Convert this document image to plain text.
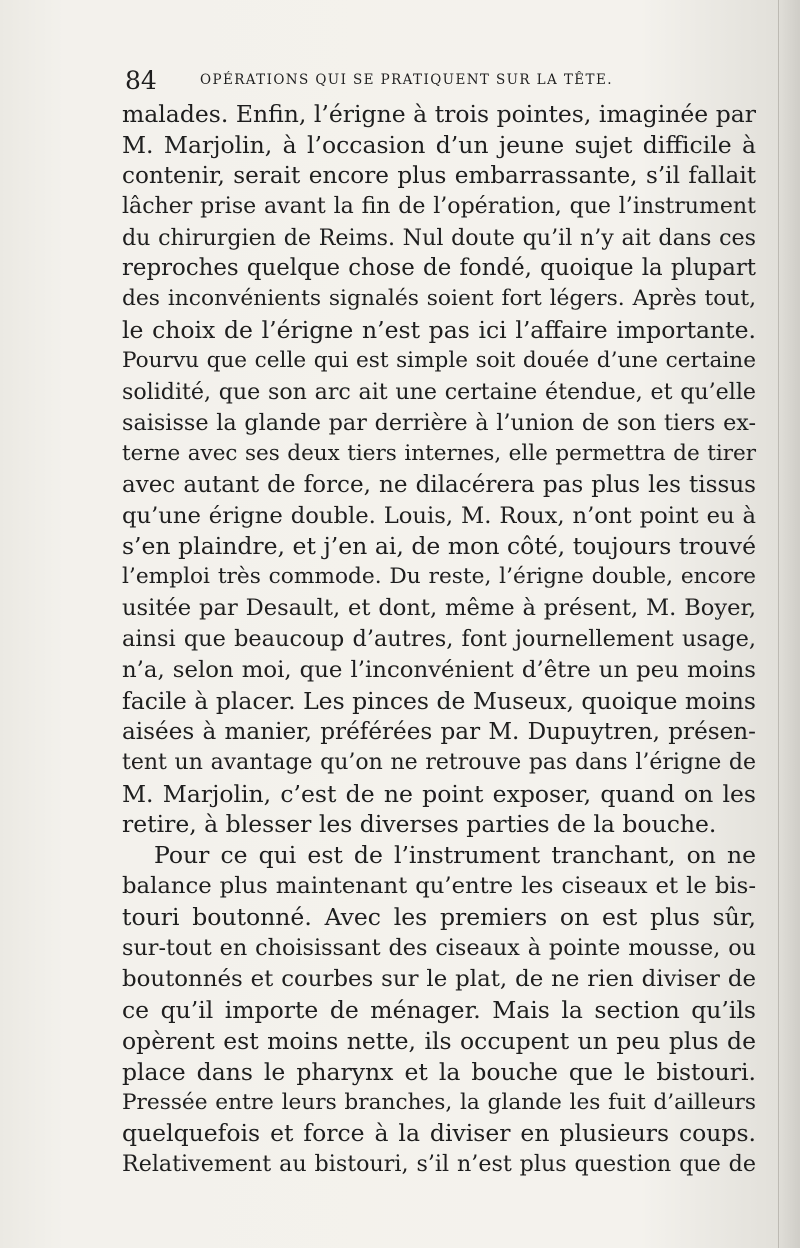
84	OPÉRATIONS QUI SE PRATIQUENT SUR LA TÊTE.
malades. Enfin, l’érigne à trois pointes, imaginée par
M. Marjolin, à l’occasion d’un jeune sujet difficile à
contenir, serait encore plus embarrassante, s’il fallait
lâcher prise avant la fin de l’opération, que l’instrument
du chirurgien de Reims. Nul doute qu’il n’y ait dans ces
reproches quelque chose de fondé, quoique la plupart
des inconvénients signalés soient fort légers. Après tout,
le choix de l’érigne n’est pas ici l’affaire importante.
Pourvu que celle qui est simple soit douée d’une certaine
solidité, que son arc ait une certaine étendue, et qu’elle
saisisse la glande par derrière à l’union de son tiers ex-
terne avec ses deux tiers internes, elle permettra de tirer
avec autant de force, ne dilacérera pas plus les tissus
qu’une érigne double. Louis, M. Roux, n’ont point eu à
s’en plaindre, et j’en ai, de mon côté, toujours trouvé
l’emploi très commode. Du reste, l’érigne double, encore
usitée par Desault, et dont, même à présent, M. Boyer,
ainsi que beaucoup d’autres, font journellement usage,
n’a, selon moi, que l’inconvénient d’être un peu moins
facile à placer. Les pinces de Museux, quoique moins
aisées à manier, préférées par M. Dupuytren, présen-
tent un avantage qu’on ne retrouve pas dans l’érigne de
M. Marjolin, c’est de ne point exposer, quand on les
retire, à blesser les diverses parties de la bouche.
Pour ce qui est de l’instrument tranchant, on ne
balance plus maintenant qu’entre les ciseaux et le bis-
touri boutonné. Avec les premiers on est plus sûr,
sur-tout en choisissant des ciseaux à pointe mousse, ou
boutonnés et courbes sur le plat, de ne rien diviser de
ce qu’il importe de ménager. Mais la section qu’ils
opèrent est moins nette, ils occupent un peu plus de
place dans le pharynx et la bouche que le bistouri.
Pressée entre leurs branches, la glande les fuit d’ailleurs
quelquefois et force à la diviser en plusieurs coups.
Relativement au bistouri, s’il n’est plus question que de
